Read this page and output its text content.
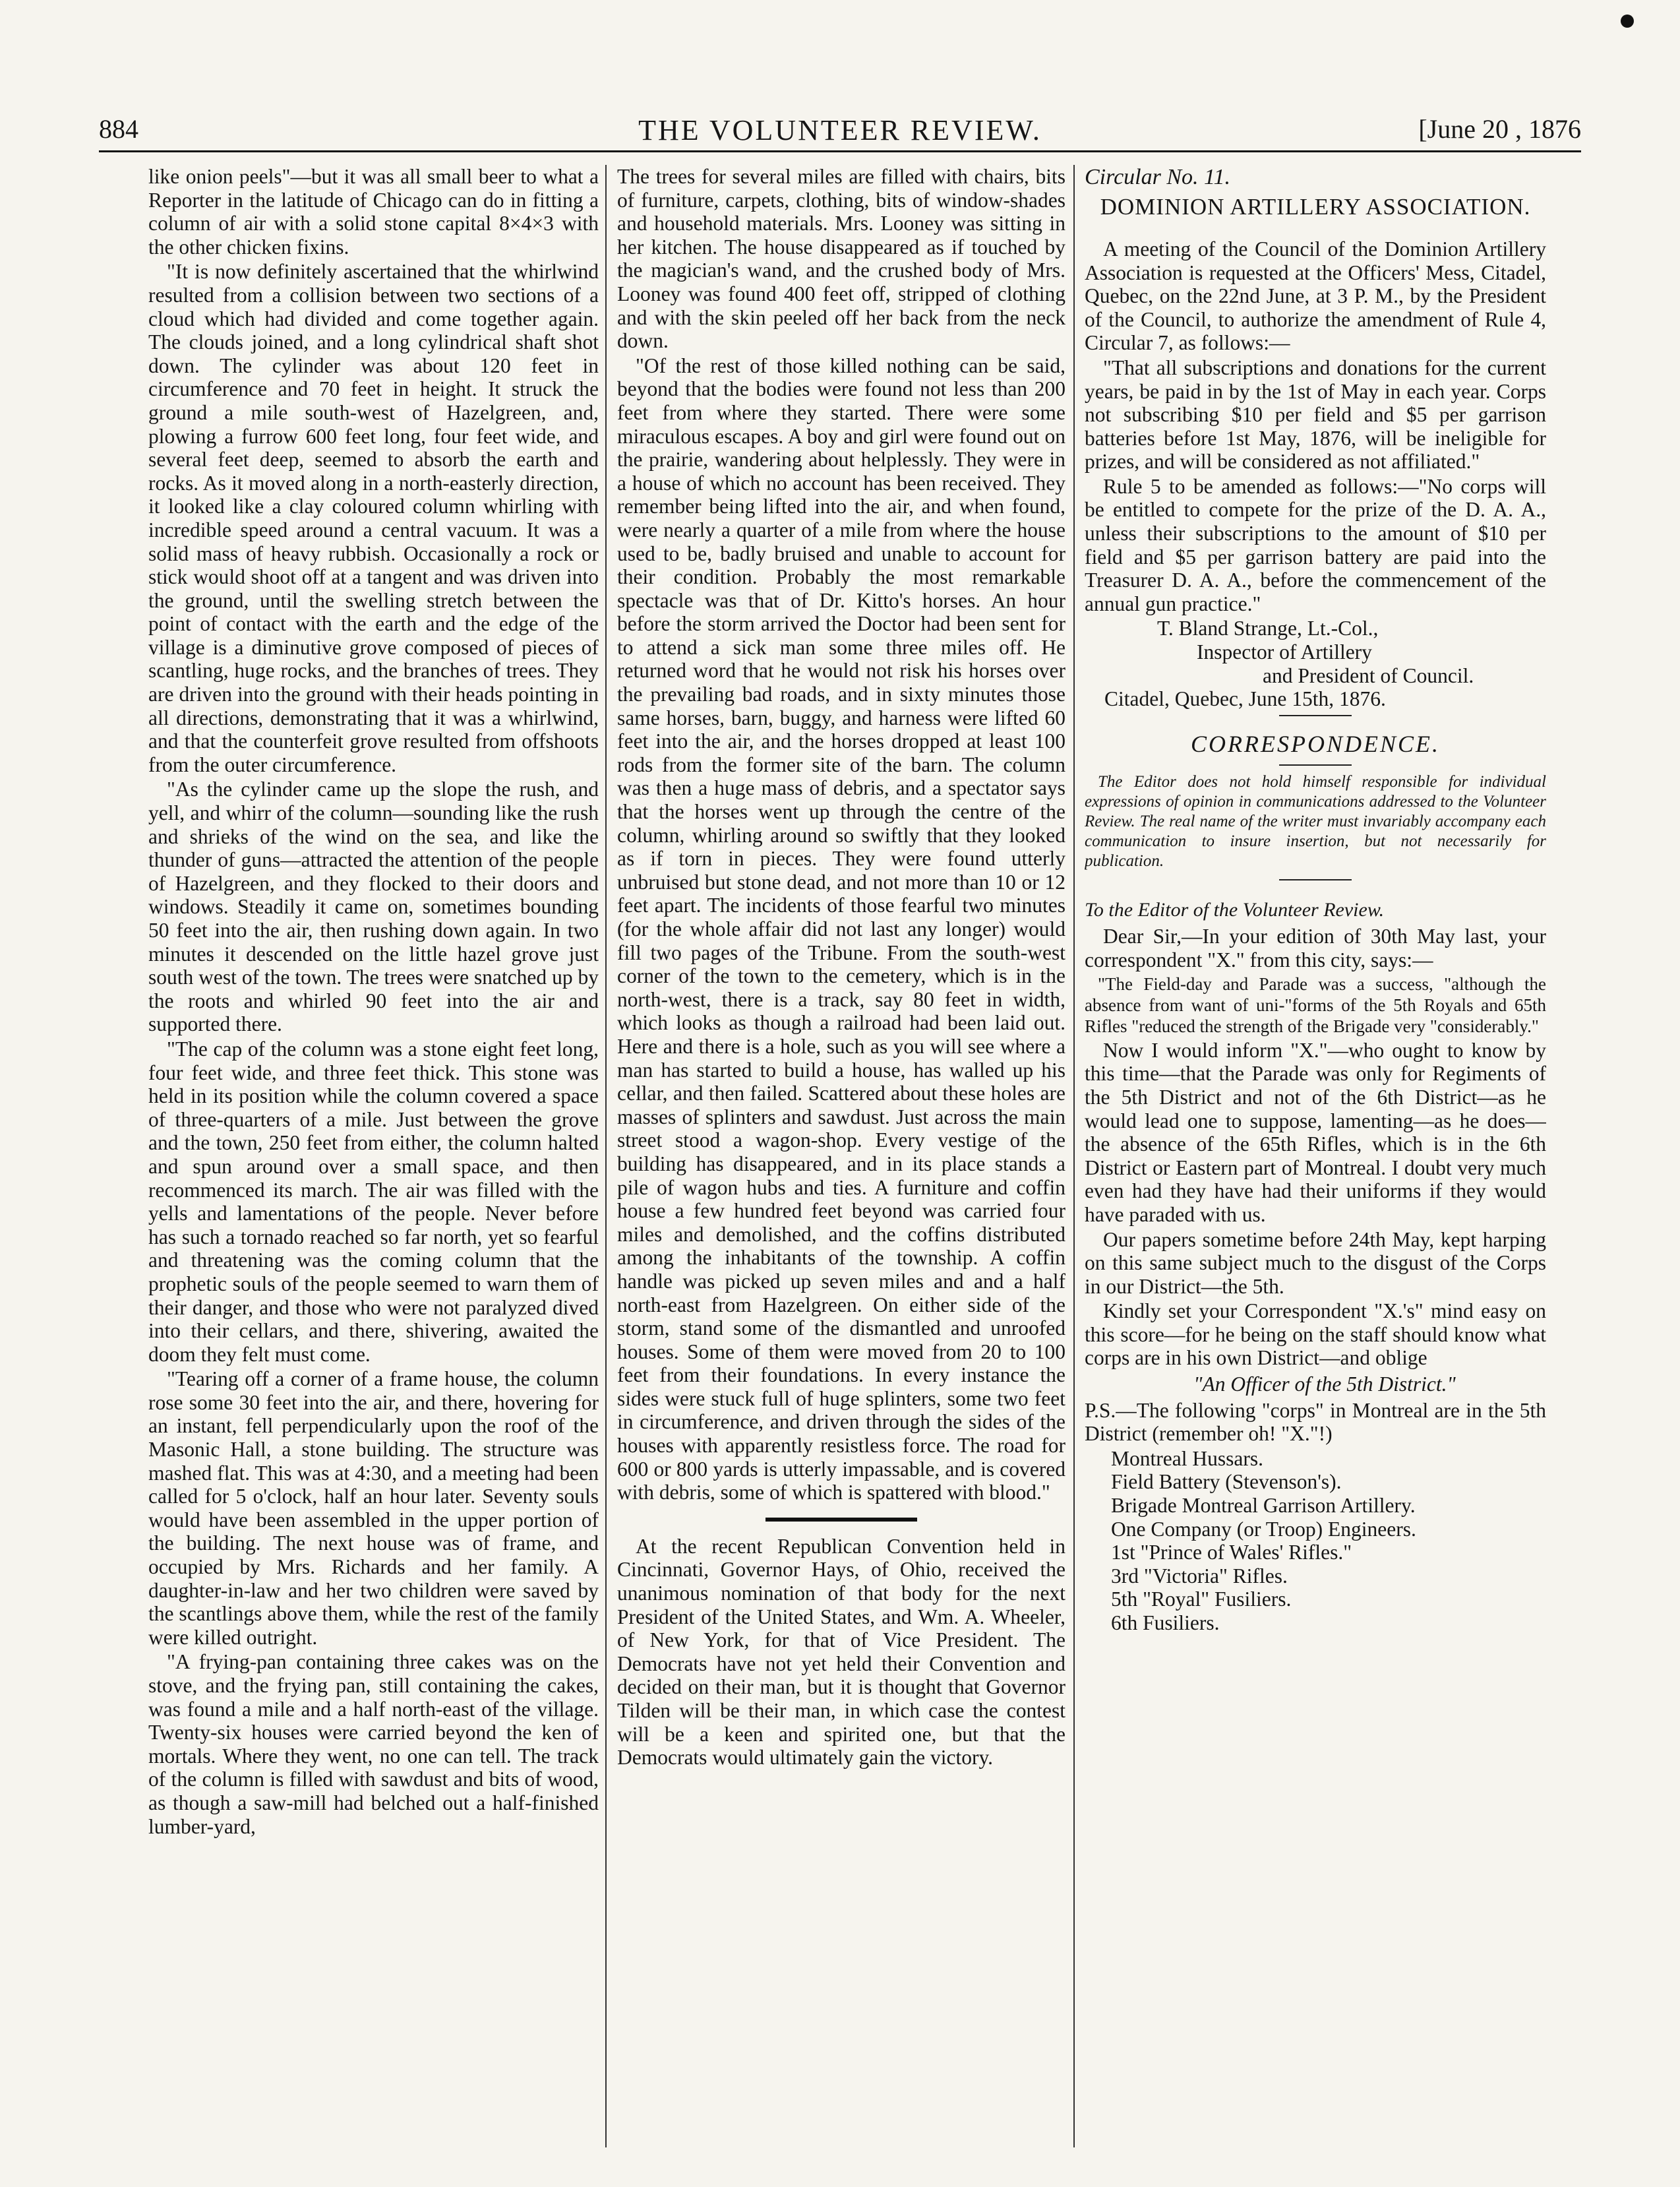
884	THE VOLUNTEER REVIEW.	[June 20 , 1876

like onion peels"—but it was all small beer to what a Reporter in the latitude of Chicago can do in fitting a column of air with a solid stone capital 8×4×3 with the other chicken fixins.

"It is now definitely ascertained that the whirlwind resulted from a collision between two sections of a cloud which had divided and come together again. The clouds joined, and a long cylindrical shaft shot down. The cylinder was about 120 feet in circumference and 70 feet in height. It struck the ground a mile south-west of Hazelgreen, and, plowing a furrow 600 feet long, four feet wide, and several feet deep, seemed to absorb the earth and rocks. As it moved along in a north-easterly direction, it looked like a clay coloured column whirling with incredible speed around a central vacuum. It was a solid mass of heavy rubbish. Occasionally a rock or stick would shoot off at a tangent and was driven into the ground, until the swelling stretch between the point of contact with the earth and the edge of the village is a diminutive grove composed of pieces of scantling, huge rocks, and the branches of trees. They are driven into the ground with their heads pointing in all directions, demonstrating that it was a whirlwind, and that the counterfeit grove resulted from offshoots from the outer circumference.

"As the cylinder came up the slope the rush, and yell, and whirr of the column—sounding like the rush and shrieks of the wind on the sea, and like the thunder of guns—attracted the attention of the people of Hazelgreen, and they flocked to their doors and windows. Steadily it came on, sometimes bounding 50 feet into the air, then rushing down again. In two minutes it descended on the little hazel grove just south west of the town. The trees were snatched up by the roots and whirled 90 feet into the air and supported there.

"The cap of the column was a stone eight feet long, four feet wide, and three feet thick. This stone was held in its position while the column covered a space of three-quarters of a mile. Just between the grove and the town, 250 feet from either, the column halted and spun around over a small space, and then recommenced its march. The air was filled with the yells and lamentations of the people. Never before has such a tornado reached so far north, yet so fearful and threatening was the coming column that the prophetic souls of the people seemed to warn them of their danger, and those who were not paralyzed dived into their cellars, and there, shivering, awaited the doom they felt must come.

"Tearing off a corner of a frame house, the column rose some 30 feet into the air, and there, hovering for an instant, fell perpendicularly upon the roof of the Masonic Hall, a stone building. The structure was mashed flat. This was at 4:30, and a meeting had been called for 5 o'clock, half an hour later. Seventy souls would have been assembled in the upper portion of the building. The next house was of frame, and occupied by Mrs. Richards and her family. A daughter-in-law and her two children were saved by the scantlings above them, while the rest of the family were killed outright.

"A frying-pan containing three cakes was on the stove, and the frying pan, still containing the cakes, was found a mile and a half north-east of the village. Twenty-six houses were carried beyond the ken of mortals. Where they went, no one can tell. The track of the column is filled with sawdust and bits of wood, as though a saw-mill had belched out a half-finished lumber-yard,

The trees for several miles are filled with chairs, bits of furniture, carpets, clothing, bits of window-shades and household materials. Mrs. Looney was sitting in her kitchen. The house disappeared as if touched by the magician's wand, and the crushed body of Mrs. Looney was found 400 feet off, stripped of clothing and with the skin peeled off her back from the neck down.

"Of the rest of those killed nothing can be said, beyond that the bodies were found not less than 200 feet from where they started. There were some miraculous escapes. A boy and girl were found out on the prairie, wandering about helplessly. They were in a house of which no account has been received. They remember being lifted into the air, and when found, were nearly a quarter of a mile from where the house used to be, badly bruised and unable to account for their condition. Probably the most remarkable spectacle was that of Dr. Kitto's horses. An hour before the storm arrived the Doctor had been sent for to attend a sick man some three miles off. He returned word that he would not risk his horses over the prevailing bad roads, and in sixty minutes those same horses, barn, buggy, and harness were lifted 60 feet into the air, and the horses dropped at least 100 rods from the former site of the barn. The column was then a huge mass of debris, and a spectator says that the horses went up through the centre of the column, whirling around so swiftly that they looked as if torn in pieces. They were found utterly unbruised but stone dead, and not more than 10 or 12 feet apart. The incidents of those fearful two minutes (for the whole affair did not last any longer) would fill two pages of the Tribune. From the south-west corner of the town to the cemetery, which is in the north-west, there is a track, say 80 feet in width, which looks as though a railroad had been laid out. Here and there is a hole, such as you will see where a man has started to build a house, has walled up his cellar, and then failed. Scattered about these holes are masses of splinters and sawdust. Just across the main street stood a wagon-shop. Every vestige of the building has disappeared, and in its place stands a pile of wagon hubs and ties. A furniture and coffin house a few hundred feet beyond was carried four miles and demolished, and the coffins distributed among the inhabitants of the township. A coffin handle was picked up seven miles and and a half north-east from Hazelgreen. On either side of the storm, stand some of the dismantled and unroofed houses. Some of them were moved from 20 to 100 feet from their foundations. In every instance the sides were stuck full of huge splinters, some two feet in circumference, and driven through the sides of the houses with apparently resistless force. The road for 600 or 800 yards is utterly impassable, and is covered with debris, some of which is spattered with blood."

At the recent Republican Convention held in Cincinnati, Governor Hays, of Ohio, received the unanimous nomination of that body for the next President of the United States, and Wm. A. Wheeler, of New York, for that of Vice President. The Democrats have not yet held their Convention and decided on their man, but it is thought that Governor Tilden will be their man, in which case the contest will be a keen and spirited one, but that the Democrats would ultimately gain the victory.

Circular No. 11.

DOMINION ARTILLERY ASSOCIATION.

A meeting of the Council of the Dominion Artillery Association is requested at the Officers' Mess, Citadel, Quebec, on the 22nd June, at 3 P. M., by the President of the Council, to authorize the amendment of Rule 4, Circular 7, as follows:—

"That all subscriptions and donations for the current years, be paid in by the 1st of May in each year. Corps not subscribing $10 per field and $5 per garrison batteries before 1st May, 1876, will be ineligible for prizes, and will be considered as not affiliated."

Rule 5 to be amended as follows:—"No corps will be entitled to compete for the prize of the D. A. A., unless their subscriptions to the amount of $10 per field and $5 per garrison battery are paid into the Treasurer D. A. A., before the commencement of the annual gun practice."

T. Bland Strange, Lt.-Col.,

Inspector of Artillery

and President of Council.

Citadel, Quebec, June 15th, 1876.

CORRESPONDENCE.

The Editor does not hold himself responsible for individual expressions of opinion in communications addressed to the Volunteer Review. The real name of the writer must invariably accompany each communication to insure insertion, but not necessarily for publication.

To the Editor of the Volunteer Review.

Dear Sir,—In your edition of 30th May last, your correspondent "X." from this city, says:—

"The Field-day and Parade was a success, "although the absence from want of uni-"forms of the 5th Royals and 65th Rifles "reduced the strength of the Brigade very "considerably."

Now I would inform "X."—who ought to know by this time—that the Parade was only for Regiments of the 5th District and not of the 6th District—as he would lead one to suppose, lamenting—as he does—the absence of the 65th Rifles, which is in the 6th District or Eastern part of Montreal. I doubt very much even had they have had their uniforms if they would have paraded with us.

Our papers sometime before 24th May, kept harping on this same subject much to the disgust of the Corps in our District—the 5th.

Kindly set your Correspondent "X.'s" mind easy on this score—for he being on the staff should know what corps are in his own District—and oblige

"An Officer of the 5th District."

P.S.—The following "corps" in Montreal are in the 5th District (remember oh! "X."!)

Montreal Hussars.
Field Battery (Stevenson's).
Brigade Montreal Garrison Artillery.
One Company (or Troop) Engineers.
1st "Prince of Wales' Rifles."
3rd "Victoria" Rifles.
5th "Royal" Fusiliers.
6th Fusiliers.
